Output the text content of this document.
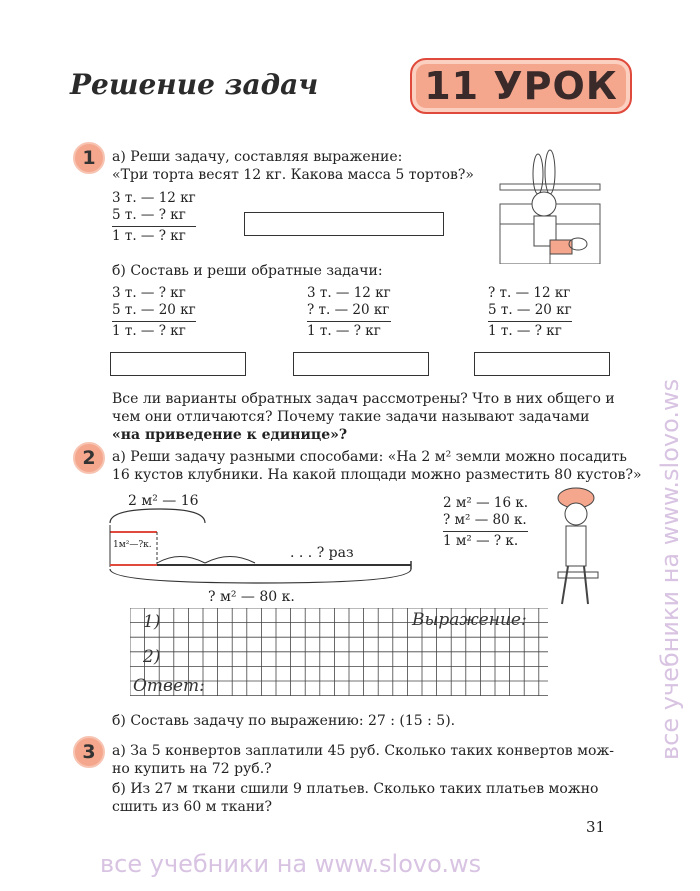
Решение задач	11 УРОК
1	а) Реши задачу, составляя выражение:
«Три торта весят 12 кг. Какова масса 5 тортов?»
3 т. — 12 кг
5 т. — ? кг
1 т. — ? кг
б) Составь и реши обратные задачи:
3 т. — ? кг
5 т. — 20 кг
1 т. — ? кг
3 т. — 12 кг
? т. — 20 кг
1 т. — ? кг
? т. — 12 кг
5 т. — 20 кг
1 т. — ? кг
Все ли варианты обратных задач рассмотрены? Что в них общего и
чем они отличаются? Почему такие задачи называют задачами
«на приведение к единице»?
2	а) Реши задачу разными способами: «На 2 м² земли можно посадить
16 кустов клубники. На какой площади можно разместить 80 кустов?»
2 м² — 16
1м²—?к.	. . . ? раз
? м² — 80 к.
2 м² — 16 к.
? м² — 80 к.
1 м² — ? к.
1)	Выражение:
2)
Ответ:
б) Составь задачу по выражению: 27 : (15 : 5).
3	а) За 5 конвертов заплатили 45 руб. Сколько таких конвертов мож-
но купить на 72 руб.?
б) Из 27 м ткани сшили 9 платьев. Сколько таких платьев можно
сшить из 60 м ткани?
31
все учебники на www.slovo.ws
все учебники на www.slovo.ws
